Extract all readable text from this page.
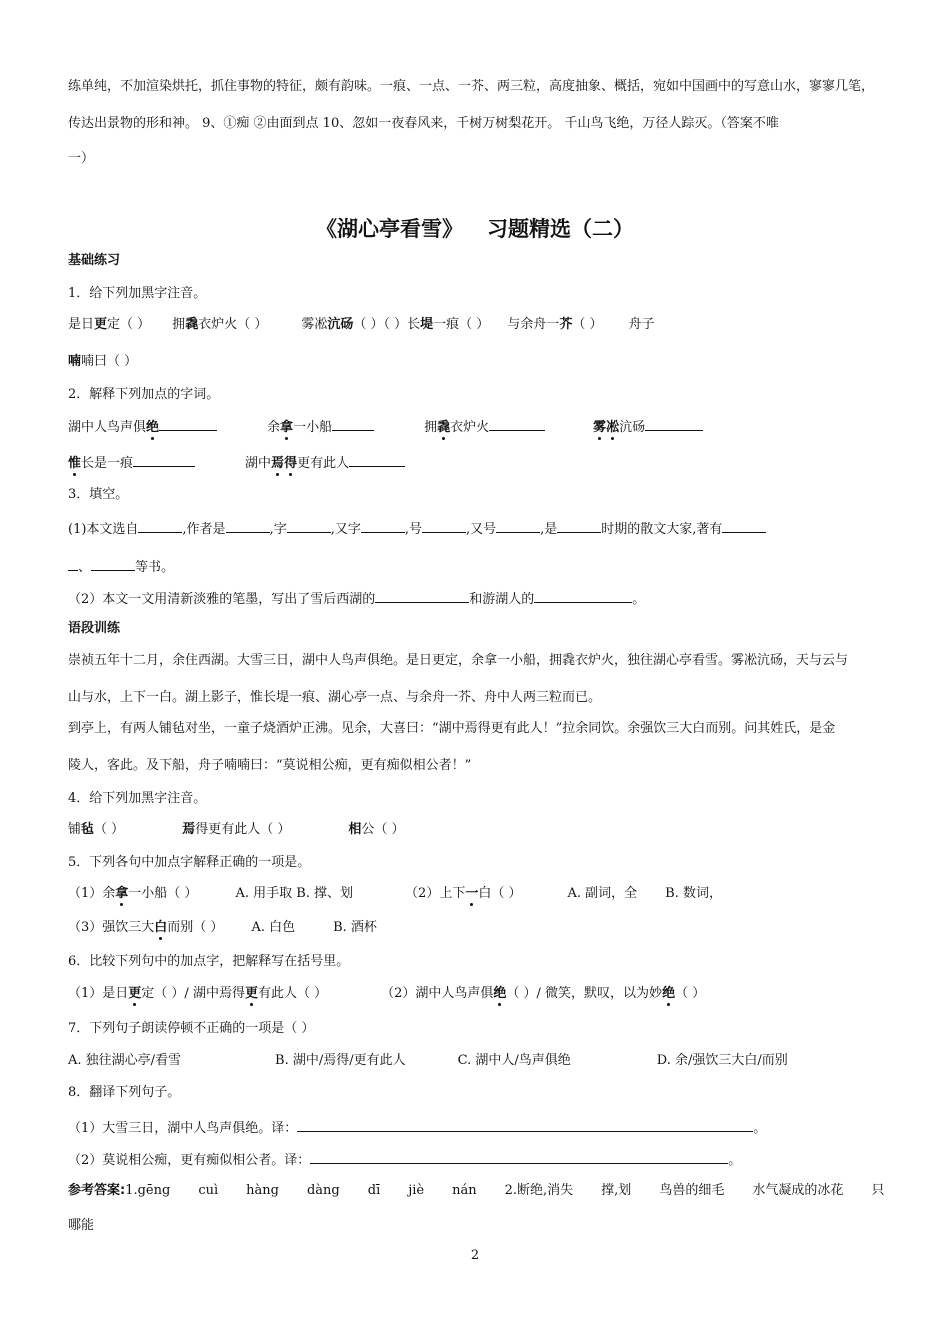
练单纯，不加渲染烘托，抓住事物的特征，颇有韵味。一痕、一点、一芥、两三粒，高度抽象、概括，宛如中国画中的写意山水，寥寥几笔，
传达出景物的形和神。 9、①痴 ②由面到点 10、忽如一夜春风来，千树万树梨花开。 千山鸟飞绝，万径人踪灭。（答案不唯
一）
《湖心亭看雪》 习题精选（二）
基础练习
1．给下列加黑字注音。
是日更定（ ） 拥毳衣炉火（ ）	雾凇沆砀（ ）（ ）长堤一痕（ ） 与余舟一芥（ ） 舟子
喃喃曰（ ）
2．解释下列加点的字词。
湖中人鸟声俱绝	余拿一小船	拥毳衣炉火	雾凇沆砀
惟长是一痕	湖中焉得更有此人
3．填空。
(1)本文选自	,作者是	,字	,又字	,号	,又号	,是	时期的散文大家,著有
、	等书。
（2）本文一文用清新淡雅的笔墨，写出了雪后西湖的	和游湖人的	。
语段训练
崇祯五年十二月，余住西湖。大雪三日，湖中人鸟声俱绝。是日更定，余拿一小船，拥毳衣炉火，独往湖心亭看雪。雾凇沆砀，天与云与
山与水，上下一白。湖上影子，惟长堤一痕、湖心亭一点、与余舟一芥、舟中人两三粒而已。
到亭上，有两人铺毡对坐，一童子烧酒炉正沸。见余，大喜曰：“湖中焉得更有此人！”拉余同饮。余强饮三大白而别。问其姓氏，是金
陵人，客此。及下船，舟子喃喃曰：“莫说相公痴，更有痴似相公者！”
4．给下列加黑字注音。
铺毡（ ）	焉得更有此人（ ）	相公（ ）
5．下列各句中加点字解释正确的一项是。
（1）余拿一小船（ ）	A. 用手取 B. 撑、划	（2）上下一白（ ）	A. 副词，全 B. 数词，
（3）强饮三大白而别（ ） A. 白色	B. 酒杯
6．比较下列句中的加点字，把解释写在括号里。
（1）是日更定（ ）/ 湖中焉得更有此人（ ）	（2）湖中人鸟声俱绝（ ）/ 微笑，默叹，以为妙绝（ ）
7．下列句子朗读停顿不正确的一项是（ ）
A. 独往湖心亭/看雪	B. 湖中/焉得/更有此人	C. 湖中人/鸟声俱绝	D. 余/强饮三大白/而别
8．翻译下列句子。
（1）大雪三日，湖中人鸟声俱绝。译：	。
（2）莫说相公痴，更有痴似相公者。译：	。
参考答案:1.gēng cuì hàng dàng dī jiè nán 2.断绝,消失 撑,划 鸟兽的细毛 水气凝成的冰花 只
哪能
2
